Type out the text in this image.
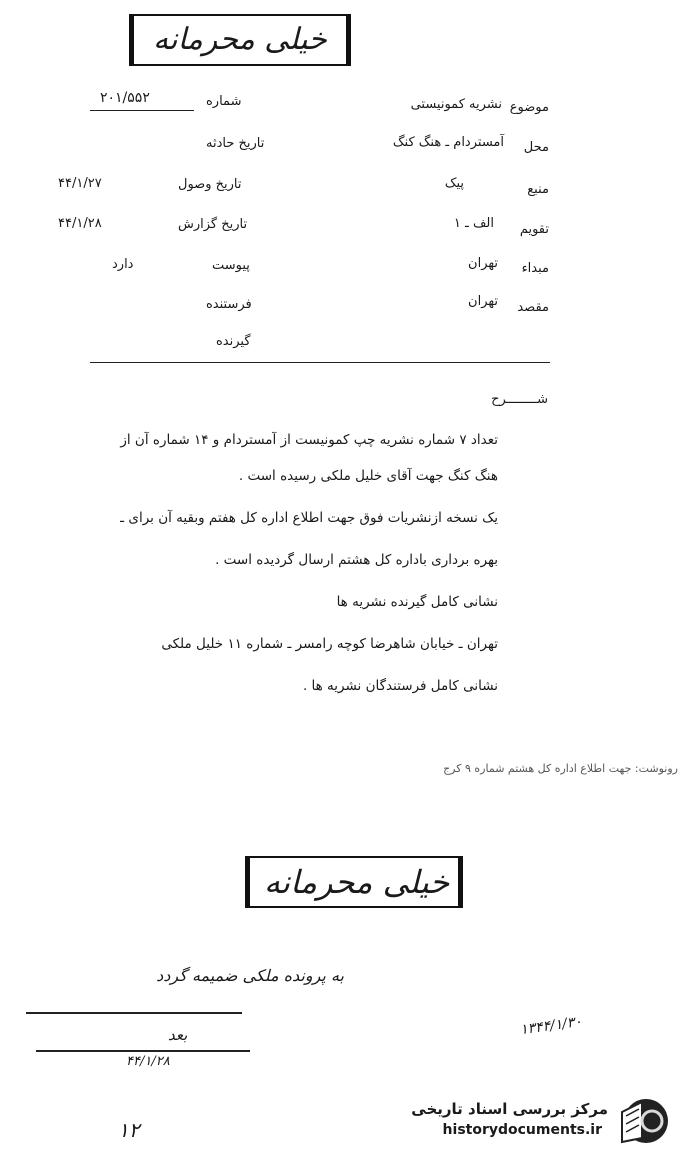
خیلی محرمانه
شماره
۲۰۱/۵۵۲
موضوع
نشریه کمونیستی
محل
آمستردام ـ هنگ کنگ
منبع
پیک
تقویم
الف ـ ۱
مبداء
تهران
مقصد
تهران
تاریخ حادثه
تاریخ وصول
۴۴/۱/۲۷
تاریخ گزارش
۴۴/۱/۲۸
پیوست
دارد
فرستنده
گیرنده
شــــــــرح
تعداد ۷ شماره نشریه چپ کمونیست از آمستردام و ۱۴ شماره آن از
هنگ کنگ جهت آقای خلیل ملکی رسیده است .
یک نسخه ازنشریات فوق جهت اطلاع اداره کل هفتم وبقیه آن برای ـ
بهره برداری باداره کل هشتم ارسال گردیده است .
نشانی کامل گیرنده نشریه ها
تهران ـ خیابان شاهرضا کوچه رامسر ـ شماره ۱۱ خلیل ملکی
نشانی کامل فرستندگان نشریه ها .
رونوشت: جهت اطلاع اداره کل هشتم شماره ۹ کرج
خیلی محرمانه
به پرونده ملکی ضمیمه گردد
بعد
۴۴/۱/۲۸
۱۳۴۴/۱/۳۰
۱۲
مرکز بررسی اسناد تاریخی
historydocuments.ir
